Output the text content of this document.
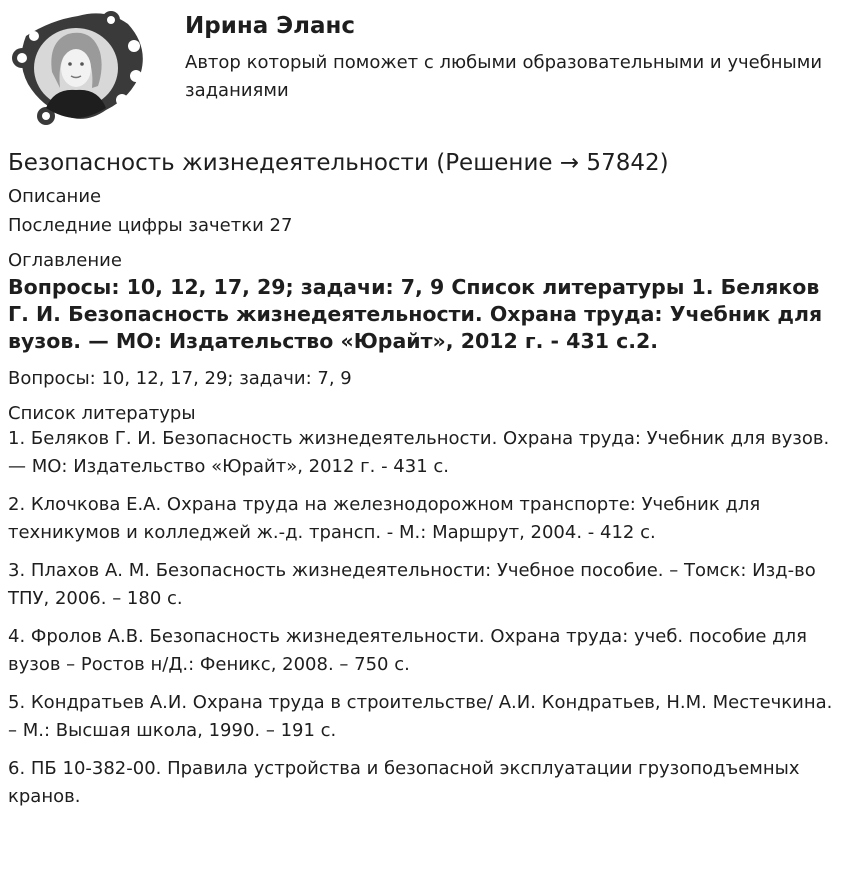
Ирина Эланс
Автор который поможет с любыми образовательными и учебными заданиями
Безопасность жизнедеятельности (Решение → 57842)

Описание

Последние цифры зачетки 27

Оглавление

Вопросы: 10, 12, 17, 29; задачи: 7, 9 Список литературы 1. Беляков Г. И. Безопасность жизнедеятельности. Охрана труда: Учебник для вузов. — МО: Издательство «Юрайт», 2012 г. - 431 с.2.

Вопросы: 10, 12, 17, 29; задачи: 7, 9

Список литературы

1. Беляков Г. И. Безопасность жизнедеятельности. Охрана труда: Учебник для вузов. — МО: Издательство «Юрайт», 2012 г. - 431 с.

2. Клочкова Е.А. Охрана труда на железнодорожном транспорте: Учебник для техникумов и колледжей ж.-д. трансп. - М.: Маршрут, 2004. - 412 с.

3. Плахов А. М. Безопасность жизнедеятельности: Учебное пособие. – Томск: Изд-во ТПУ, 2006. – 180 с.

4. Фролов А.В. Безопасность жизнедеятельности. Охрана труда: учеб. пособие для вузов – Ростов н/Д.: Феникс, 2008. – 750 с.

5. Кондратьев А.И. Охрана труда в строительстве/ А.И. Кондратьев, Н.М. Местечкина. – М.: Высшая школа, 1990. – 191 с.

6. ПБ 10-382-00. Правила устройства и безопасной эксплуатации грузоподъемных кранов.
